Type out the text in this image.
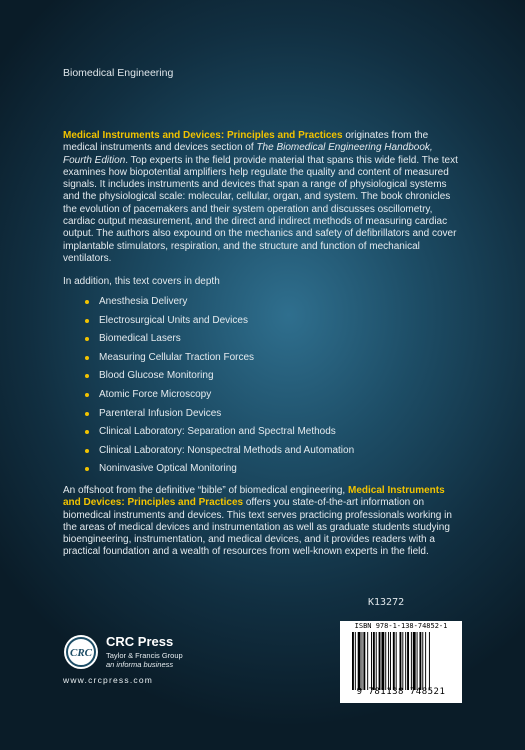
Biomedical Engineering

Medical Instruments and Devices: Principles and Practices originates from the medical instruments and devices section of The Biomedical Engineering Handbook, Fourth Edition. Top experts in the field provide material that spans this wide field. The text examines how biopotential amplifiers help regulate the quality and content of measured signals. It includes instruments and devices that span a range of physiological systems and the physiological scale: molecular, cellular, organ, and system. The book chronicles the evolution of pacemakers and their system operation and discusses oscillometry, cardiac output measurement, and the direct and indirect methods of measuring cardiac output. The authors also expound on the mechanics and safety of defibrillators and cover implantable stimulators, respiration, and the structure and function of mechanical ventilators.

In addition, this text covers in depth

Anesthesia Delivery
Electrosurgical Units and Devices
Biomedical Lasers
Measuring Cellular Traction Forces
Blood Glucose Monitoring
Atomic Force Microscopy
Parenteral Infusion Devices
Clinical Laboratory: Separation and Spectral Methods
Clinical Laboratory: Nonspectral Methods and Automation
Noninvasive Optical Monitoring

An offshoot from the definitive “bible” of biomedical engineering, Medical Instruments and Devices: Principles and Practices offers you state-of-the-art information on biomedical instruments and devices. This text serves practicing professionals working in the areas of medical devices and instrumentation as well as graduate students studying bioengineering, instrumentation, and medical devices, and it provides readers with a practical foundation and a wealth of resources from well-known experts in the field.

K13272
ISBN 978-1-138-74852-1
9 781138 748521
CRC
CRC Press
Taylor & Francis Group
an informa business
www.crcpress.com
